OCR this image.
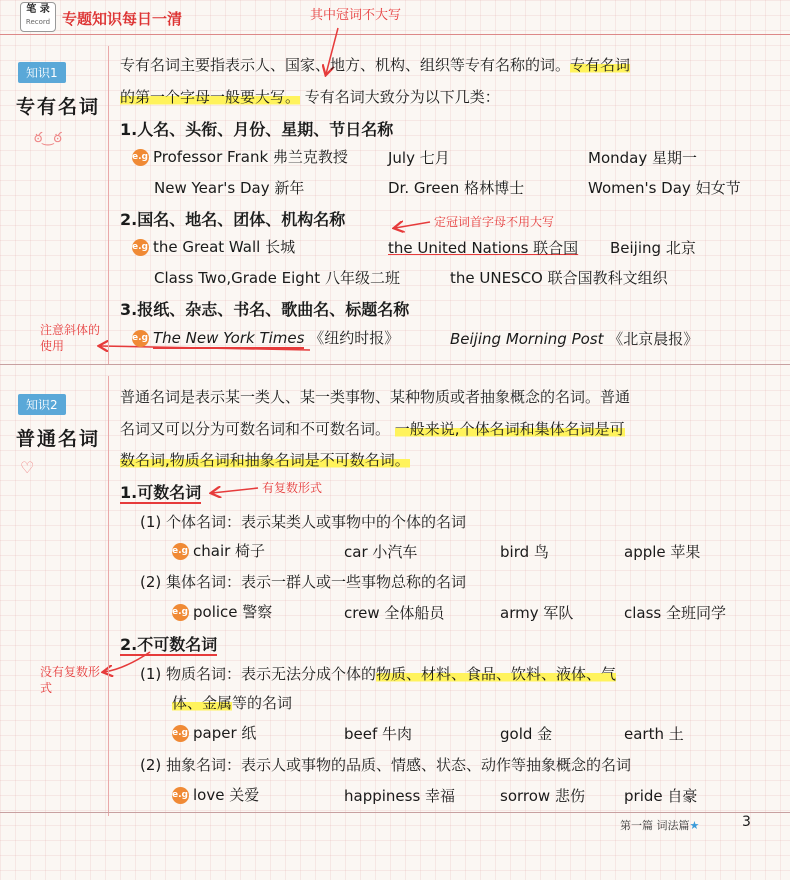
笔 录
Record 专题知识每日一清	其中冠词不大写
知识1
专有名词
ఠ‿ఠ
专有名词主要指表示人、国家、地方、机构、组织等专有名称的词。专有名词
的第一个字母一般要大写。 专有名词大致分为以下几类：
1.人名、头衔、月份、星期、节日名称
e.g. Professor Frank 弗兰克教授	July 七月	Monday 星期一
New Year's Day 新年	Dr. Green 格林博士	Women's Day 妇女节
2.国名、地名、团体、机构名称	定冠词首字母不用大写
e.g. the Great Wall 长城	the United Nations 联合国 Beijing 北京
Class Two,Grade Eight 八年级二班	the UNESCO 联合国教科文组织
3.报纸、杂志、书名、歌曲名、标题名称
e.g. The New York Times 《纽约时报》	Beijing Morning Post 《北京晨报》
注意斜体的使用
知识2
普通名词
♡
普通名词是表示某一类人、某一类事物、某种物质或者抽象概念的名词。普通
名词又可以分为可数名词和不可数名词。 一般来说,个体名词和集体名词是可
数名词,物质名词和抽象名词是不可数名词。
1.可数名词	有复数形式
(1) 个体名词：表示某类人或事物中的个体的名词
e.g. chair 椅子	car 小汽车	bird 鸟	apple 苹果
(2) 集体名词：表示一群人或一些事物总称的名词
e.g. police 警察	crew 全体船员	army 军队	class 全班同学
2.不可数名词
没有复数形式
(1) 物质名词：表示无法分成个体的物质、材料、食品、饮料、液体、气
体、金属等的名词
e.g. paper 纸	beef 牛肉	gold 金	earth 土
(2) 抽象名词：表示人或事物的品质、情感、状态、动作等抽象概念的名词
e.g. love 关爱	happiness 幸福	sorrow 悲伤	pride 自豪
第一篇 词法篇★	3
